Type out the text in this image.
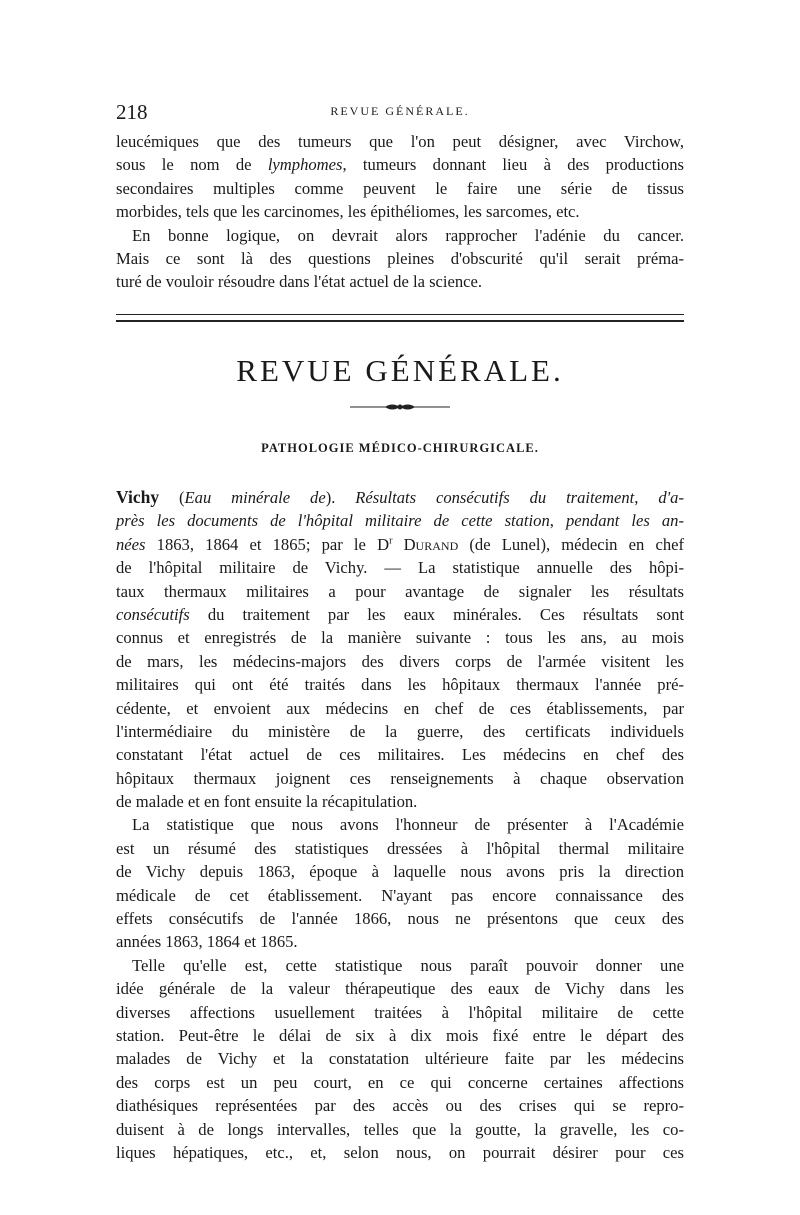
218	REVUE GÉNÉRALE.
leucémiques que des tumeurs que l'on peut désigner, avec Virchow,
sous le nom de lymphomes, tumeurs donnant lieu à des productions
secondaires multiples comme peuvent le faire une série de tissus
morbides, tels que les carcinomes, les épithéliomes, les sarcomes, etc.
En bonne logique, on devrait alors rapprocher l'adénie du cancer.
Mais ce sont là des questions pleines d'obscurité qu'il serait préma-
turé de vouloir résoudre dans l'état actuel de la science.
REVUE GÉNÉRALE.
PATHOLOGIE MÉDICO-CHIRURGICALE.
Vichy (Eau minérale de). Résultats consécutifs du traitement, d'a-
près les documents de l'hôpital militaire de cette station, pendant les an-
nées 1863, 1864 et 1865; par le $D^r$ Durand (de Lunel), médecin en chef
de l'hôpital militaire de Vichy. — La statistique annuelle des hôpi-
taux thermaux militaires a pour avantage de signaler les résultats
consécutifs du traitement par les eaux minérales. Ces résultats sont
connus et enregistrés de la manière suivante : tous les ans, au mois
de mars, les médecins-majors des divers corps de l'armée visitent les
militaires qui ont été traités dans les hôpitaux thermaux l'année pré-
cédente, et envoient aux médecins en chef de ces établissements, par
l'intermédiaire du ministère de la guerre, des certificats individuels
constatant l'état actuel de ces militaires. Les médecins en chef des
hôpitaux thermaux joignent ces renseignements à chaque observation
de malade et en font ensuite la récapitulation.
La statistique que nous avons l'honneur de présenter à l'Académie
est un résumé des statistiques dressées à l'hôpital thermal militaire
de Vichy depuis 1863, époque à laquelle nous avons pris la direction
médicale de cet établissement. N'ayant pas encore connaissance des
effets consécutifs de l'année 1866, nous ne présentons que ceux des
années 1863, 1864 et 1865.
Telle qu'elle est, cette statistique nous paraît pouvoir donner une
idée générale de la valeur thérapeutique des eaux de Vichy dans les
diverses affections usuellement traitées à l'hôpital militaire de cette
station. Peut-être le délai de six à dix mois fixé entre le départ des
malades de Vichy et la constatation ultérieure faite par les médecins
des corps est un peu court, en ce qui concerne certaines affections
diathésiques représentées par des accès ou des crises qui se repro-
duisent à de longs intervalles, telles que la goutte, la gravelle, les co-
liques hépatiques, etc., et, selon nous, on pourrait désirer pour ces
